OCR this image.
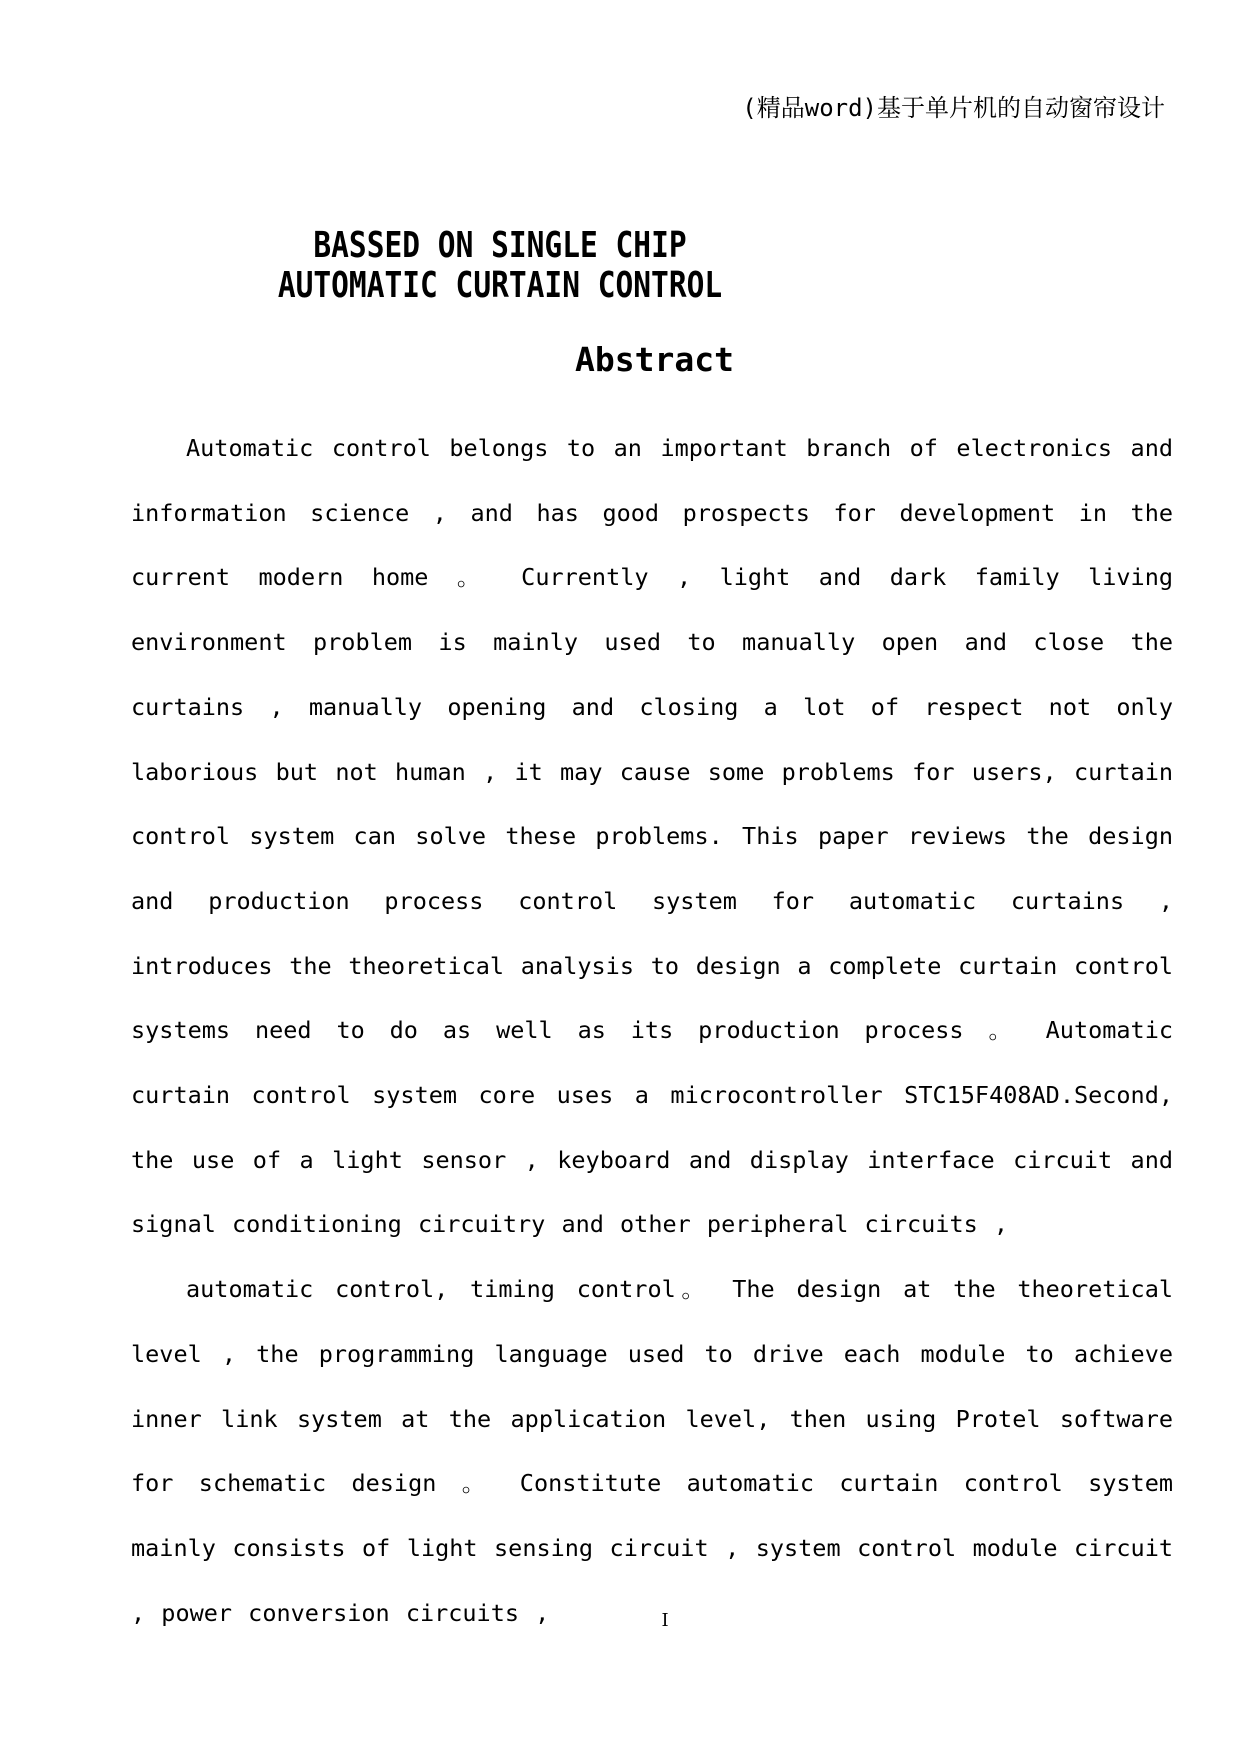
(精品word)基于单片机的自动窗帘设计
BASSED ON SINGLE CHIP
AUTOMATIC CURTAIN CONTROL
Abstract

Automatic control belongs to an important branch of electronics and information science , and has good prospects for development in the current modern home 。 Currently , light and dark family living environment problem is mainly used to manually open and close the curtains , manually opening and closing a lot of respect not only laborious but not human , it may cause some problems for users, curtain control system can solve these problems. This paper reviews the design and production process control system for automatic curtains , introduces the theoretical analysis to design a complete curtain control systems need to do as well as its production process 。 Automatic curtain control system core uses a microcontroller STC15F408AD.Second, the use of a light sensor , keyboard and display interface circuit and signal conditioning circuitry and other peripheral circuits ,

automatic control, timing control。 The design at the theoretical level , the programming language used to drive each module to achieve inner link system at the application level, then using Protel software for schematic design 。 Constitute automatic curtain control system mainly consists of light sensing circuit , system control module circuit , power conversion circuits ,	I
